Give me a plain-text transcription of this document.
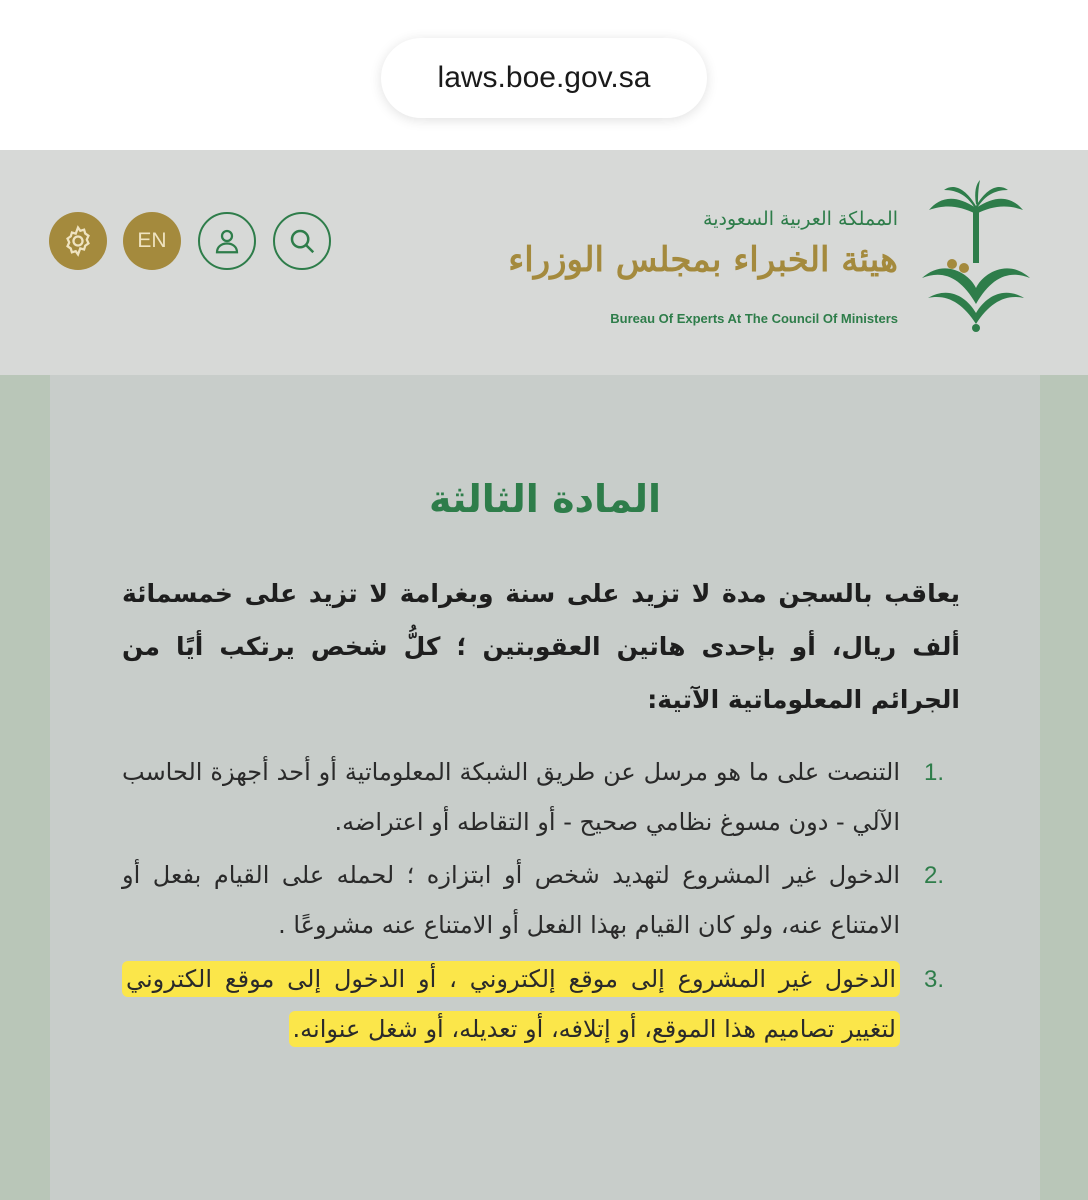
laws.boe.gov.sa
EN
المملكة العربية السعودية
هيئة الخبراء بمجلس الوزراء
Bureau Of Experts At The Council Of Ministers
المادة الثالثة
يعاقب بالسجن مدة لا تزيد على سنة وبغرامة لا تزيد على خمسمائة ألف ريال، أو بإحدى هاتين العقوبتين ؛ كلُّ شخص يرتكب أيًا من الجرائم المعلوماتية الآتية:
1.
التنصت على ما هو مرسل عن طريق الشبكة المعلوماتية أو أحد أجهزة الحاسب الآلي - دون مسوغ نظامي صحيح - أو التقاطه أو اعتراضه.
2.
الدخول غير المشروع لتهديد شخص أو ابتزازه ؛ لحمله على القيام بفعل أو الامتناع عنه، ولو كان القيام بهذا الفعل أو الامتناع عنه مشروعًا .
3.
الدخول غير المشروع إلى موقع إلكتروني ، أو الدخول إلى موقع الكتروني لتغيير تصاميم هذا الموقع، أو إتلافه، أو تعديله، أو شغل عنوانه.
